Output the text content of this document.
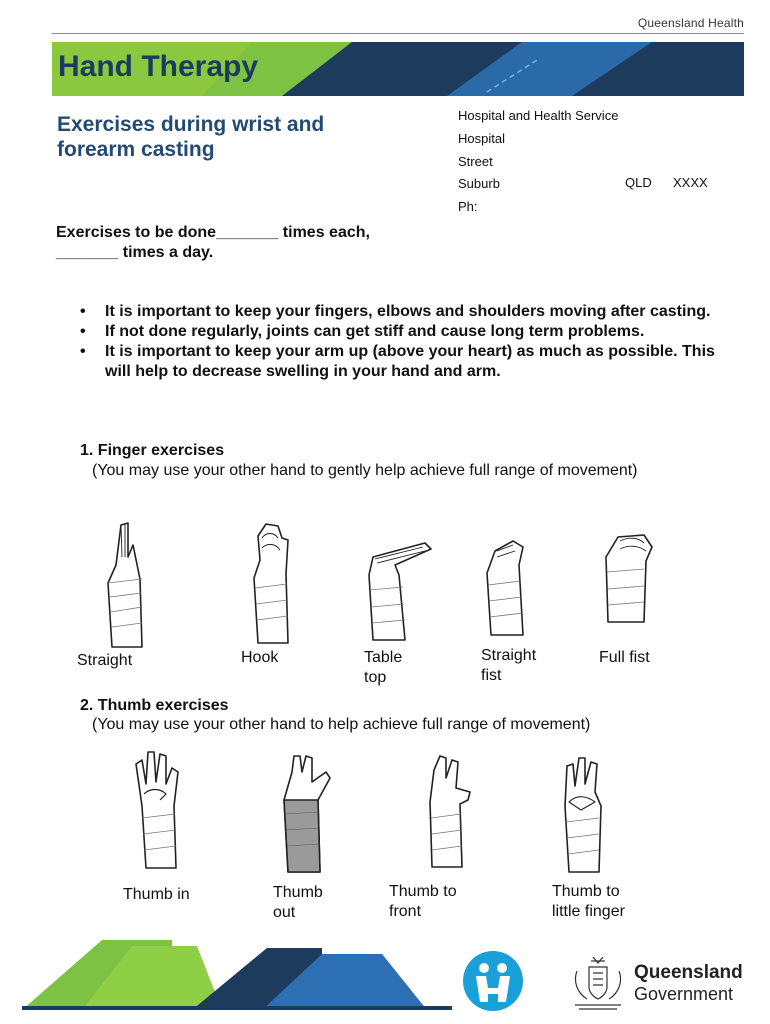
Queensland Health
Hand Therapy
Exercises during wrist and forearm casting
Hospital and Health Service
Hospital
Street
Suburb	QLD XXXX
Ph:
Exercises to be done_______ times each, _______ times a day.
• It is important to keep your fingers, elbows and shoulders moving after casting.
• If not done regularly, joints can get stiff and cause long term problems.
• It is important to keep your arm up (above your heart) as much as possible. This will help to decrease swelling in your hand and arm.
1. Finger exercises
(You may use your other hand to gently help achieve full range of movement)
Straight	Hook	Table top
Straight fist
Full fist
2. Thumb exercises
(You may use your other hand to help achieve full range of movement)
Thumb in	Thumb out
Thumb to front
Thumb to little finger
Queensland
Government
